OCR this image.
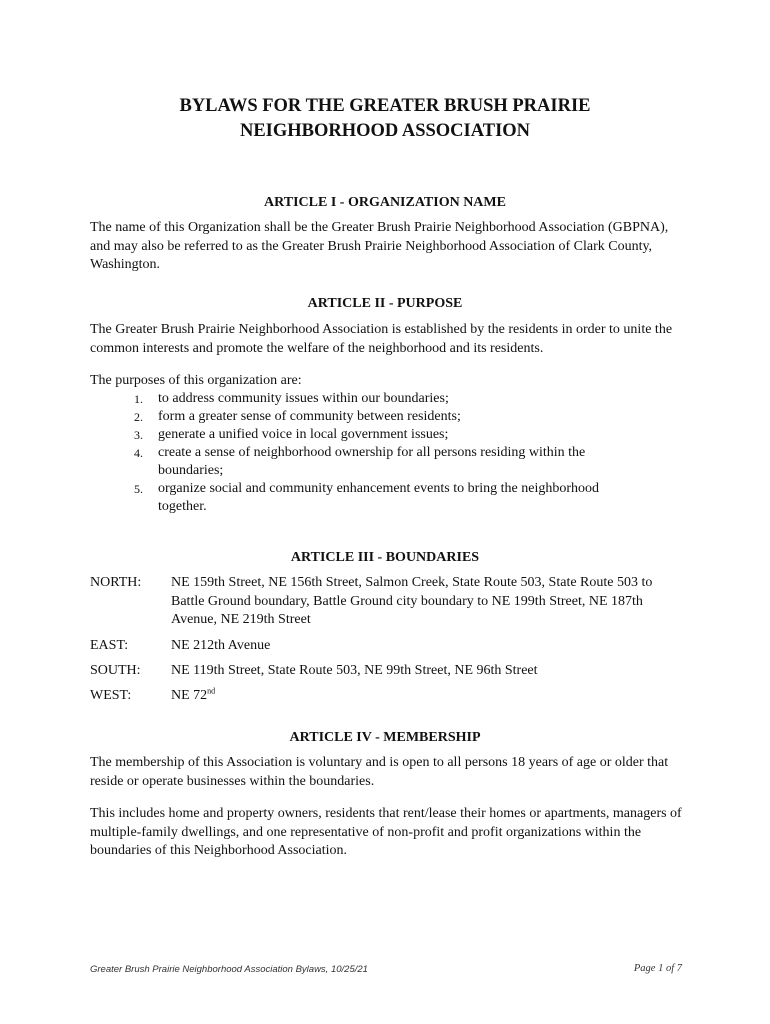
BYLAWS FOR THE GREATER BRUSH PRAIRIE
NEIGHBORHOOD ASSOCIATION
ARTICLE I - ORGANIZATION NAME
The name of this Organization shall be the Greater Brush Prairie Neighborhood Association (GBPNA), and may also be referred to as the Greater Brush Prairie Neighborhood Association of Clark County, Washington.
ARTICLE II - PURPOSE
The Greater Brush Prairie Neighborhood Association is established by the residents in order to unite the common interests and promote the welfare of the neighborhood and its residents.
The purposes of this organization are:
1. to address community issues within our boundaries;
2. form a greater sense of community between residents;
3. generate a unified voice in local government issues;
4. create a sense of neighborhood ownership for all persons residing within the boundaries;
5. organize social and community enhancement events to bring the neighborhood together.
ARTICLE III - BOUNDARIES
NORTH: NE 159th Street, NE 156th Street, Salmon Creek, State Route 503, State Route 503 to Battle Ground boundary, Battle Ground city boundary to NE 199th Street, NE 187th Avenue, NE 219th Street
EAST:	NE 212th Avenue
SOUTH: NE 119th Street, State Route 503, NE 99th Street, NE 96th Street
WEST:	NE 72nd
ARTICLE IV - MEMBERSHIP
The membership of this Association is voluntary and is open to all persons 18 years of age or older that reside or operate businesses within the boundaries.
This includes home and property owners, residents that rent/lease their homes or apartments, managers of multiple-family dwellings, and one representative of non-profit and profit organizations within the boundaries of this Neighborhood Association.
Greater Brush Prairie Neighborhood Association Bylaws, 10/25/21	Page 1 of 7
